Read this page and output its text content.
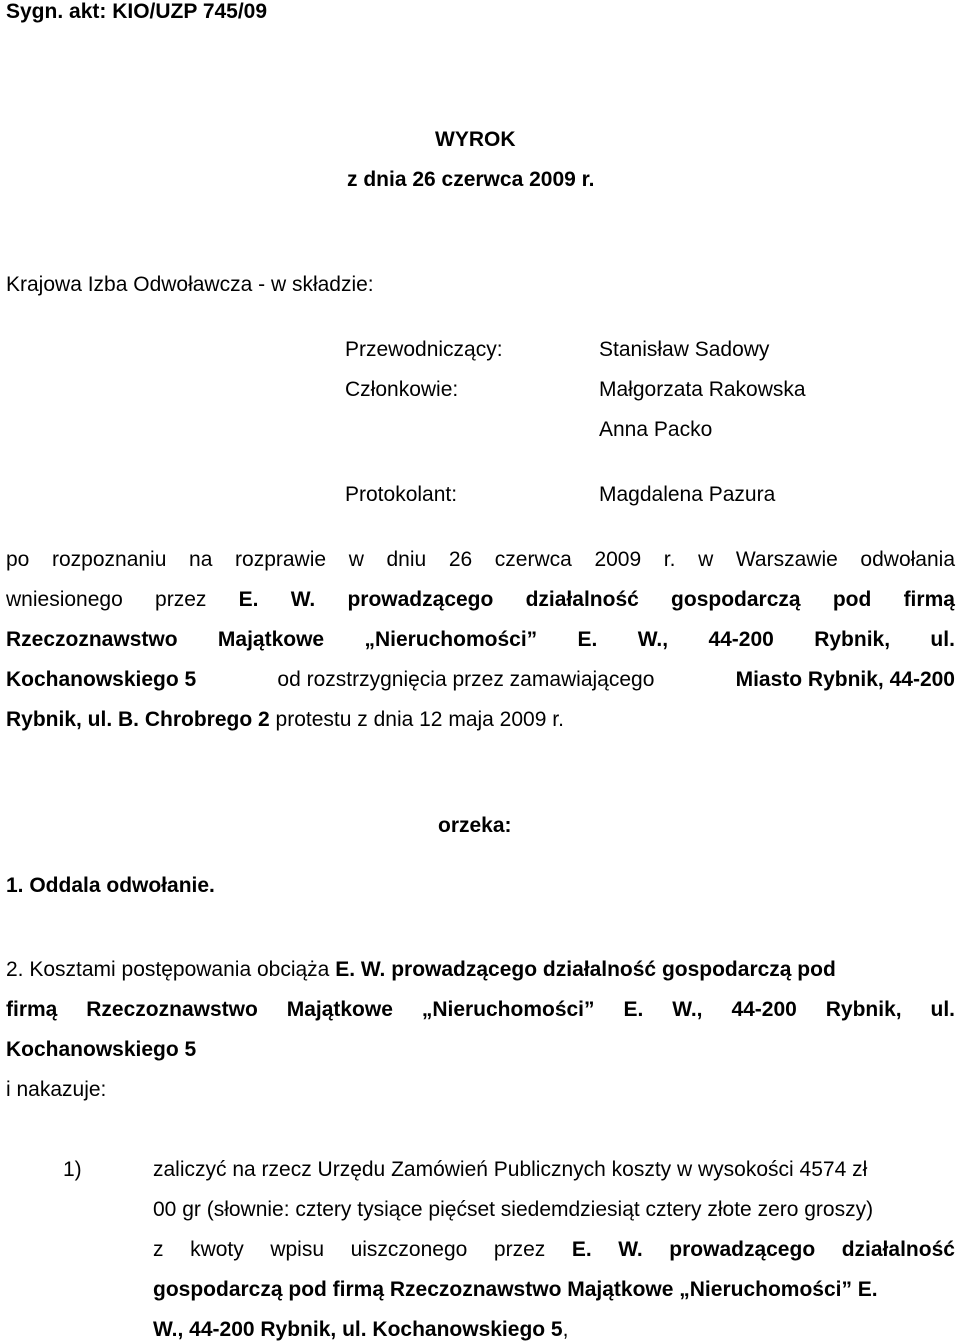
Sygn. akt: KIO/UZP 745/09
WYROK
z dnia 26 czerwca 2009 r.
Krajowa Izba Odwoławcza - w składzie:
Przewodniczący:	Stanisław Sadowy
Członkowie:	Małgorzata Rakowska
Anna Packo
Protokolant:	Magdalena Pazura
po rozpoznaniu na rozprawie w dniu 26 czerwca 2009 r. w Warszawie odwołania
wniesionego przez E. W. prowadzącego działalność gospodarczą pod firmą
Rzeczoznawstwo Majątkowe „Nieruchomości” E. W., 44-200 Rybnik, ul.
Kochanowskiego 5	od rozstrzygnięcia przez zamawiającego	Miasto Rybnik, 44-200
Rybnik, ul. B. Chrobrego 2 protestu z dnia 12 maja 2009 r.
orzeka:
1. Oddala odwołanie.
2. Kosztami postępowania obciąża E. W. prowadzącego działalność gospodarczą pod
firmą Rzeczoznawstwo Majątkowe „Nieruchomości” E. W., 44-200 Rybnik, ul.
Kochanowskiego 5
i nakazuje:
1)	zaliczyć na rzecz Urzędu Zamówień Publicznych koszty w wysokości 4574 zł
00 gr (słownie: cztery tysiące pięćset siedemdziesiąt cztery złote zero groszy)
z kwoty wpisu uiszczonego przez E. W. prowadzącego działalność
gospodarczą pod firmą Rzeczoznawstwo Majątkowe „Nieruchomości” E.
W., 44-200 Rybnik, ul. Kochanowskiego 5,
